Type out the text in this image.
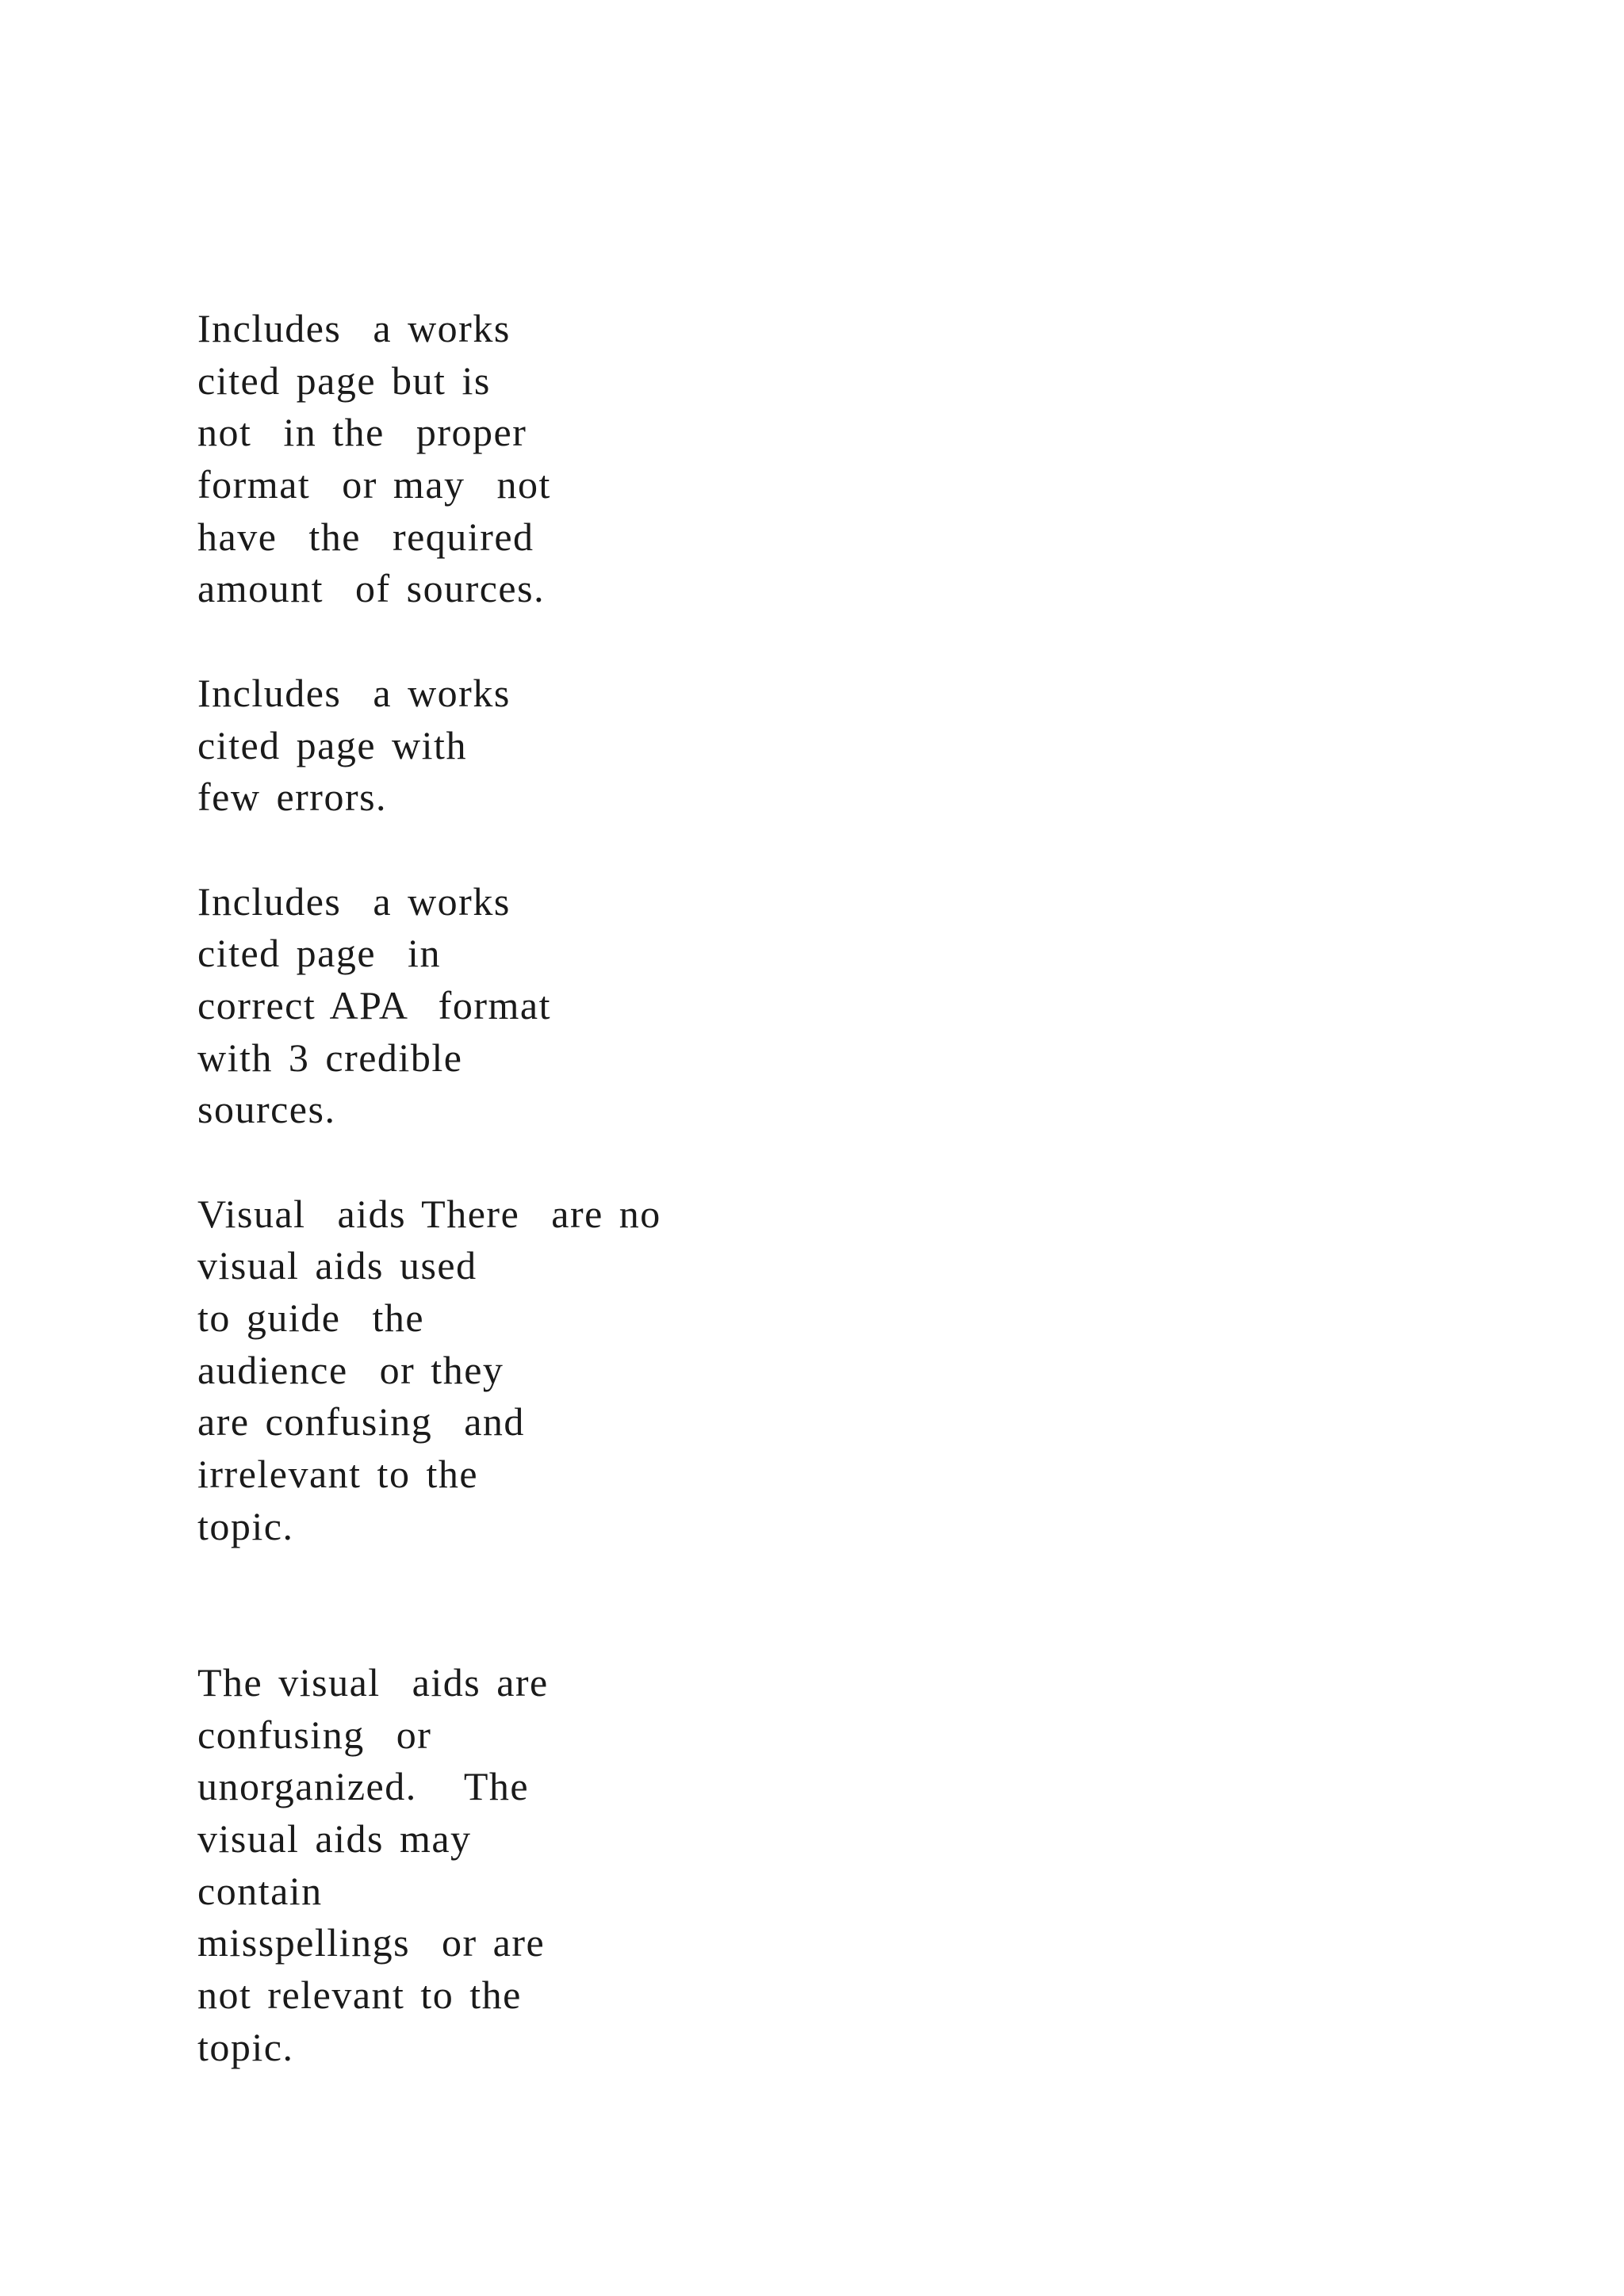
Includes  a works
cited page but is
not  in the  proper
format  or may  not
have  the  required
amount  of sources.
Includes  a works
cited page with
few errors.
Includes  a works
cited page  in
correct APA  format
with 3 credible
sources.
Visual  aids There  are no
visual aids used
to guide  the
audience  or they
are confusing  and
irrelevant to the
topic.
The visual  aids are
confusing  or
unorganized.   The
visual aids may
contain
misspellings  or are
not relevant to the
topic.
